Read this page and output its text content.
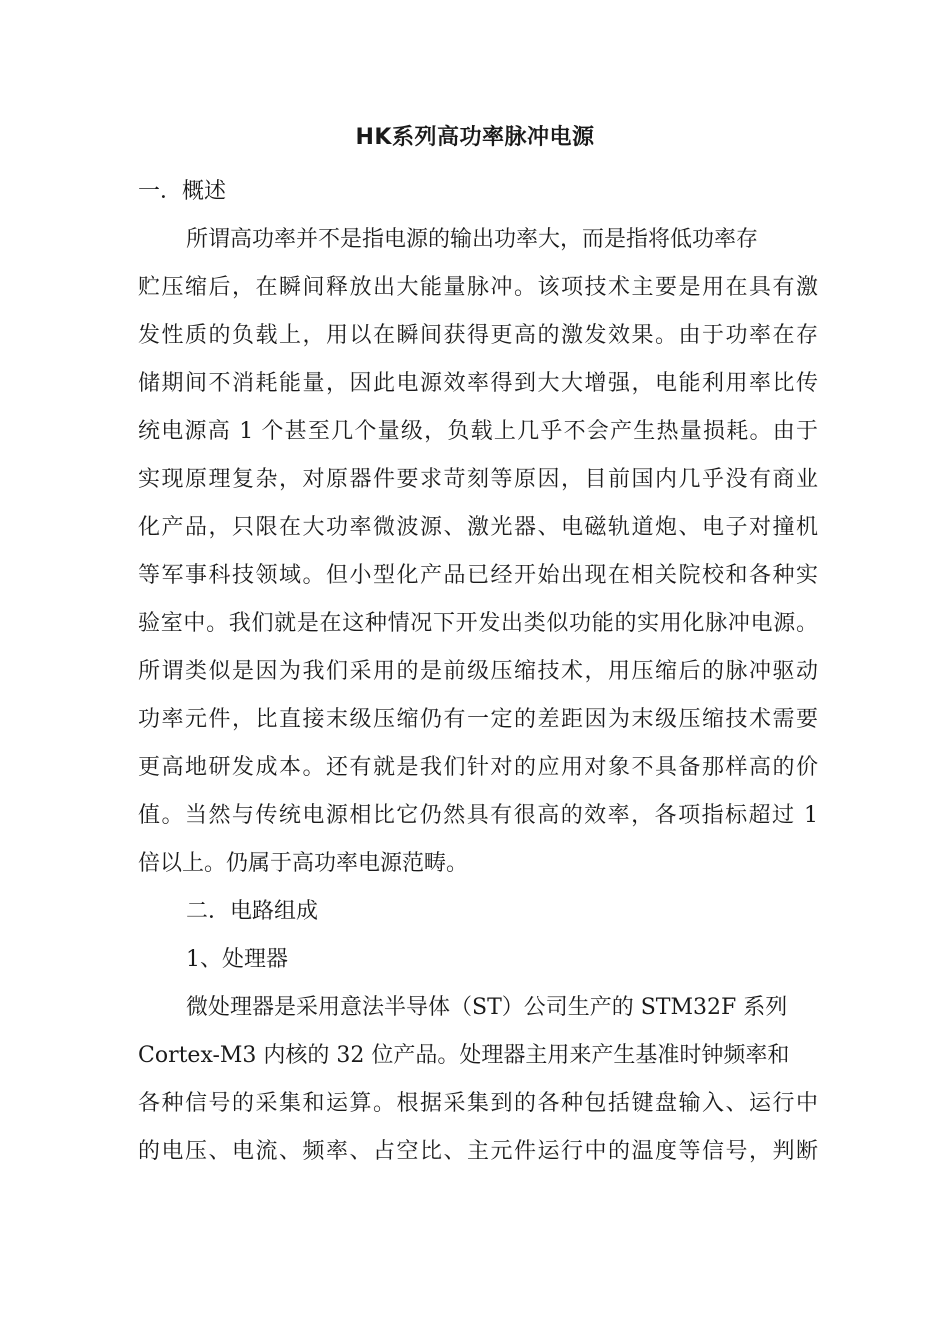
HK系列高功率脉冲电源

一．概述

所谓高功率并不是指电源的输出功率大，而是指将低功率存

贮压缩后，在瞬间释放出大能量脉冲。该项技术主要是用在具有激

发性质的负载上，用以在瞬间获得更高的激发效果。由于功率在存

储期间不消耗能量，因此电源效率得到大大增强，电能利用率比传

统电源高 1 个甚至几个量级，负载上几乎不会产生热量损耗。由于

实现原理复杂，对原器件要求苛刻等原因，目前国内几乎没有商业

化产品，只限在大功率微波源、激光器、电磁轨道炮、电子对撞机

等军事科技领域。但小型化产品已经开始出现在相关院校和各种实

验室中。我们就是在这种情况下开发出类似功能的实用化脉冲电源。

所谓类似是因为我们采用的是前级压缩技术，用压缩后的脉冲驱动

功率元件，比直接末级压缩仍有一定的差距因为末级压缩技术需要

更高地研发成本。还有就是我们针对的应用对象不具备那样高的价

值。当然与传统电源相比它仍然具有很高的效率，各项指标超过 1

倍以上。仍属于高功率电源范畴。

二．电路组成

1、处理器

微处理器是采用意法半导体（ST）公司生产的 STM32F 系列

Cortex-M3 内核的 32 位产品。处理器主用来产生基准时钟频率和

各种信号的采集和运算。根据采集到的各种包括键盘输入、运行中

的电压、电流、频率、占空比、主元件运行中的温度等信号，判断
